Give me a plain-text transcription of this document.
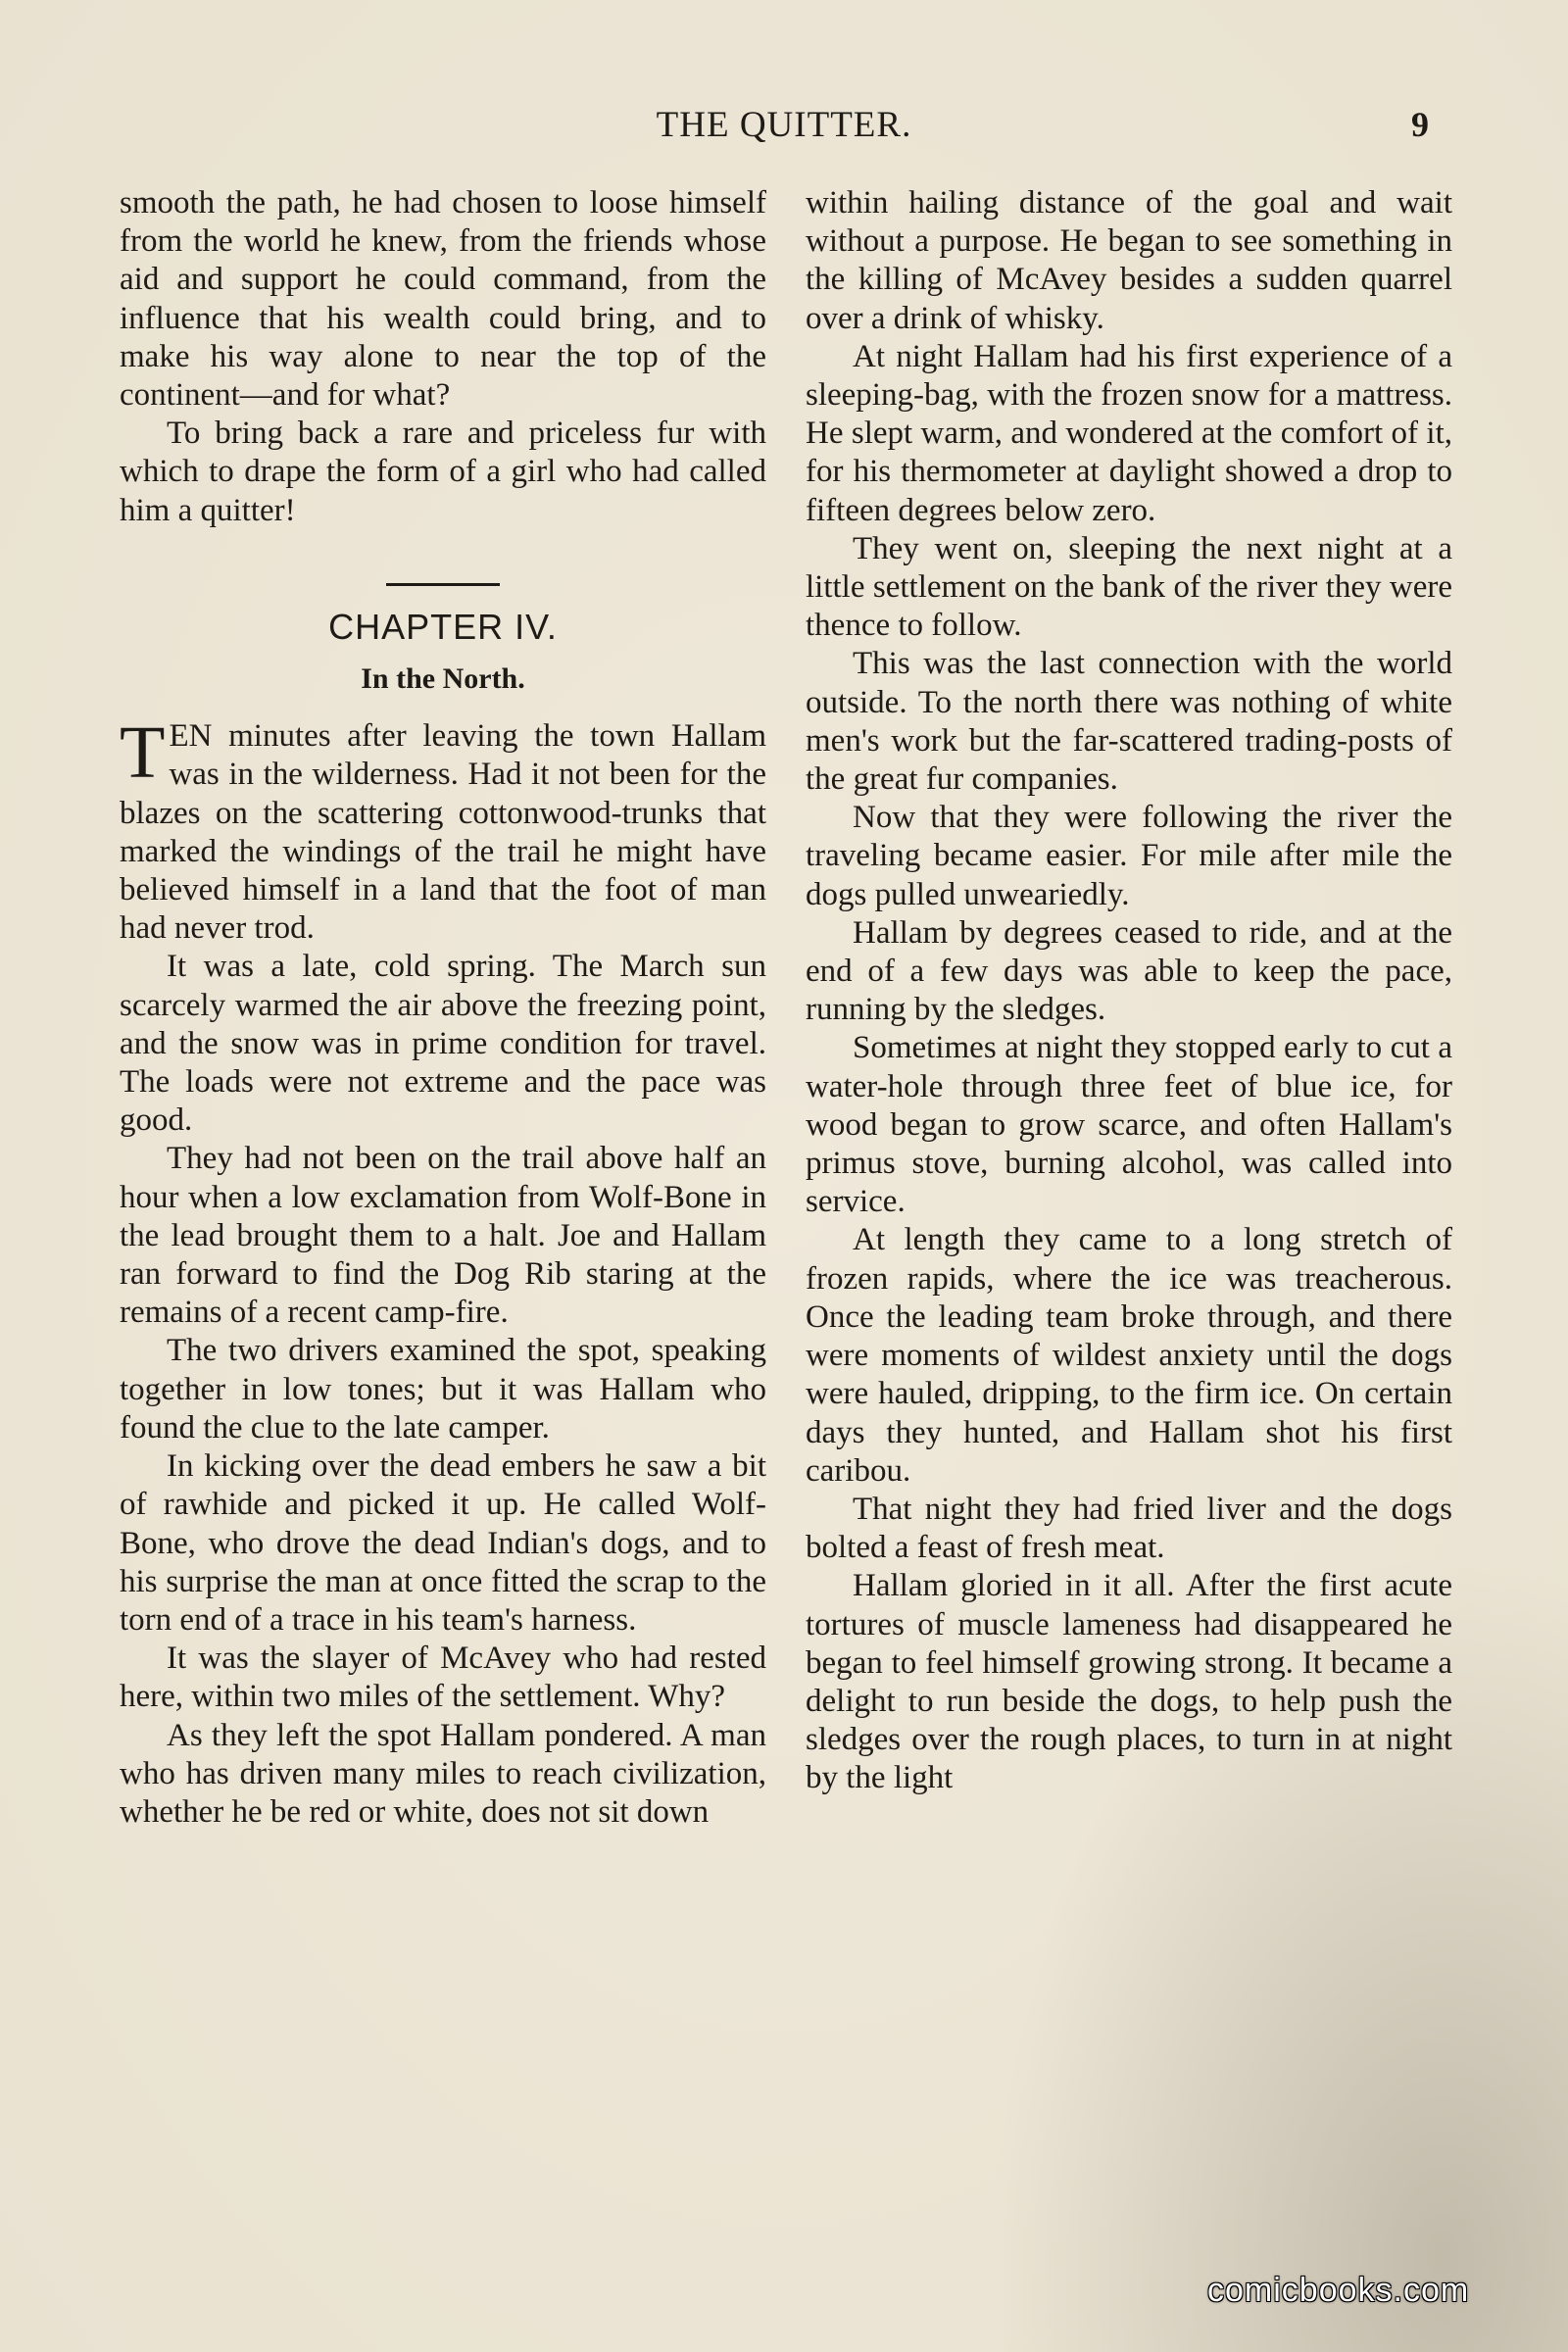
THE QUITTER.	9

smooth the path, he had chosen to loose himself from the world he knew, from the friends whose aid and support he could command, from the influence that his wealth could bring, and to make his way alone to near the top of the continent—and for what?

To bring back a rare and priceless fur with which to drape the form of a girl who had called him a quitter!

CHAPTER IV.
In the North.

TEN minutes after leaving the town Hallam was in the wilderness. Had it not been for the blazes on the scattering cottonwood-trunks that marked the windings of the trail he might have believed himself in a land that the foot of man had never trod.

It was a late, cold spring. The March sun scarcely warmed the air above the freezing point, and the snow was in prime condition for travel. The loads were not extreme and the pace was good.

They had not been on the trail above half an hour when a low exclamation from Wolf-Bone in the lead brought them to a halt. Joe and Hallam ran forward to find the Dog Rib staring at the remains of a recent camp-fire.

The two drivers examined the spot, speaking together in low tones; but it was Hallam who found the clue to the late camper.

In kicking over the dead embers he saw a bit of rawhide and picked it up. He called Wolf-Bone, who drove the dead Indian's dogs, and to his surprise the man at once fitted the scrap to the torn end of a trace in his team's harness.

It was the slayer of McAvey who had rested here, within two miles of the settlement. Why?

As they left the spot Hallam pondered. A man who has driven many miles to reach civilization, whether he be red or white, does not sit down

within hailing distance of the goal and wait without a purpose. He began to see something in the killing of McAvey besides a sudden quarrel over a drink of whisky.

At night Hallam had his first experience of a sleeping-bag, with the frozen snow for a mattress. He slept warm, and wondered at the comfort of it, for his thermometer at daylight showed a drop to fifteen degrees below zero.

They went on, sleeping the next night at a little settlement on the bank of the river they were thence to follow.

This was the last connection with the world outside. To the north there was nothing of white men's work but the far-scattered trading-posts of the great fur companies.

Now that they were following the river the traveling became easier. For mile after mile the dogs pulled unweariedly.

Hallam by degrees ceased to ride, and at the end of a few days was able to keep the pace, running by the sledges.

Sometimes at night they stopped early to cut a water-hole through three feet of blue ice, for wood began to grow scarce, and often Hallam's primus stove, burning alcohol, was called into service.

At length they came to a long stretch of frozen rapids, where the ice was treacherous. Once the leading team broke through, and there were moments of wildest anxiety until the dogs were hauled, dripping, to the firm ice. On certain days they hunted, and Hallam shot his first caribou.

That night they had fried liver and the dogs bolted a feast of fresh meat.

Hallam gloried in it all. After the first acute tortures of muscle lameness had disappeared he began to feel himself growing strong. It became a delight to run beside the dogs, to help push the sledges over the rough places, to turn in at night by the light

comicbooks.com
